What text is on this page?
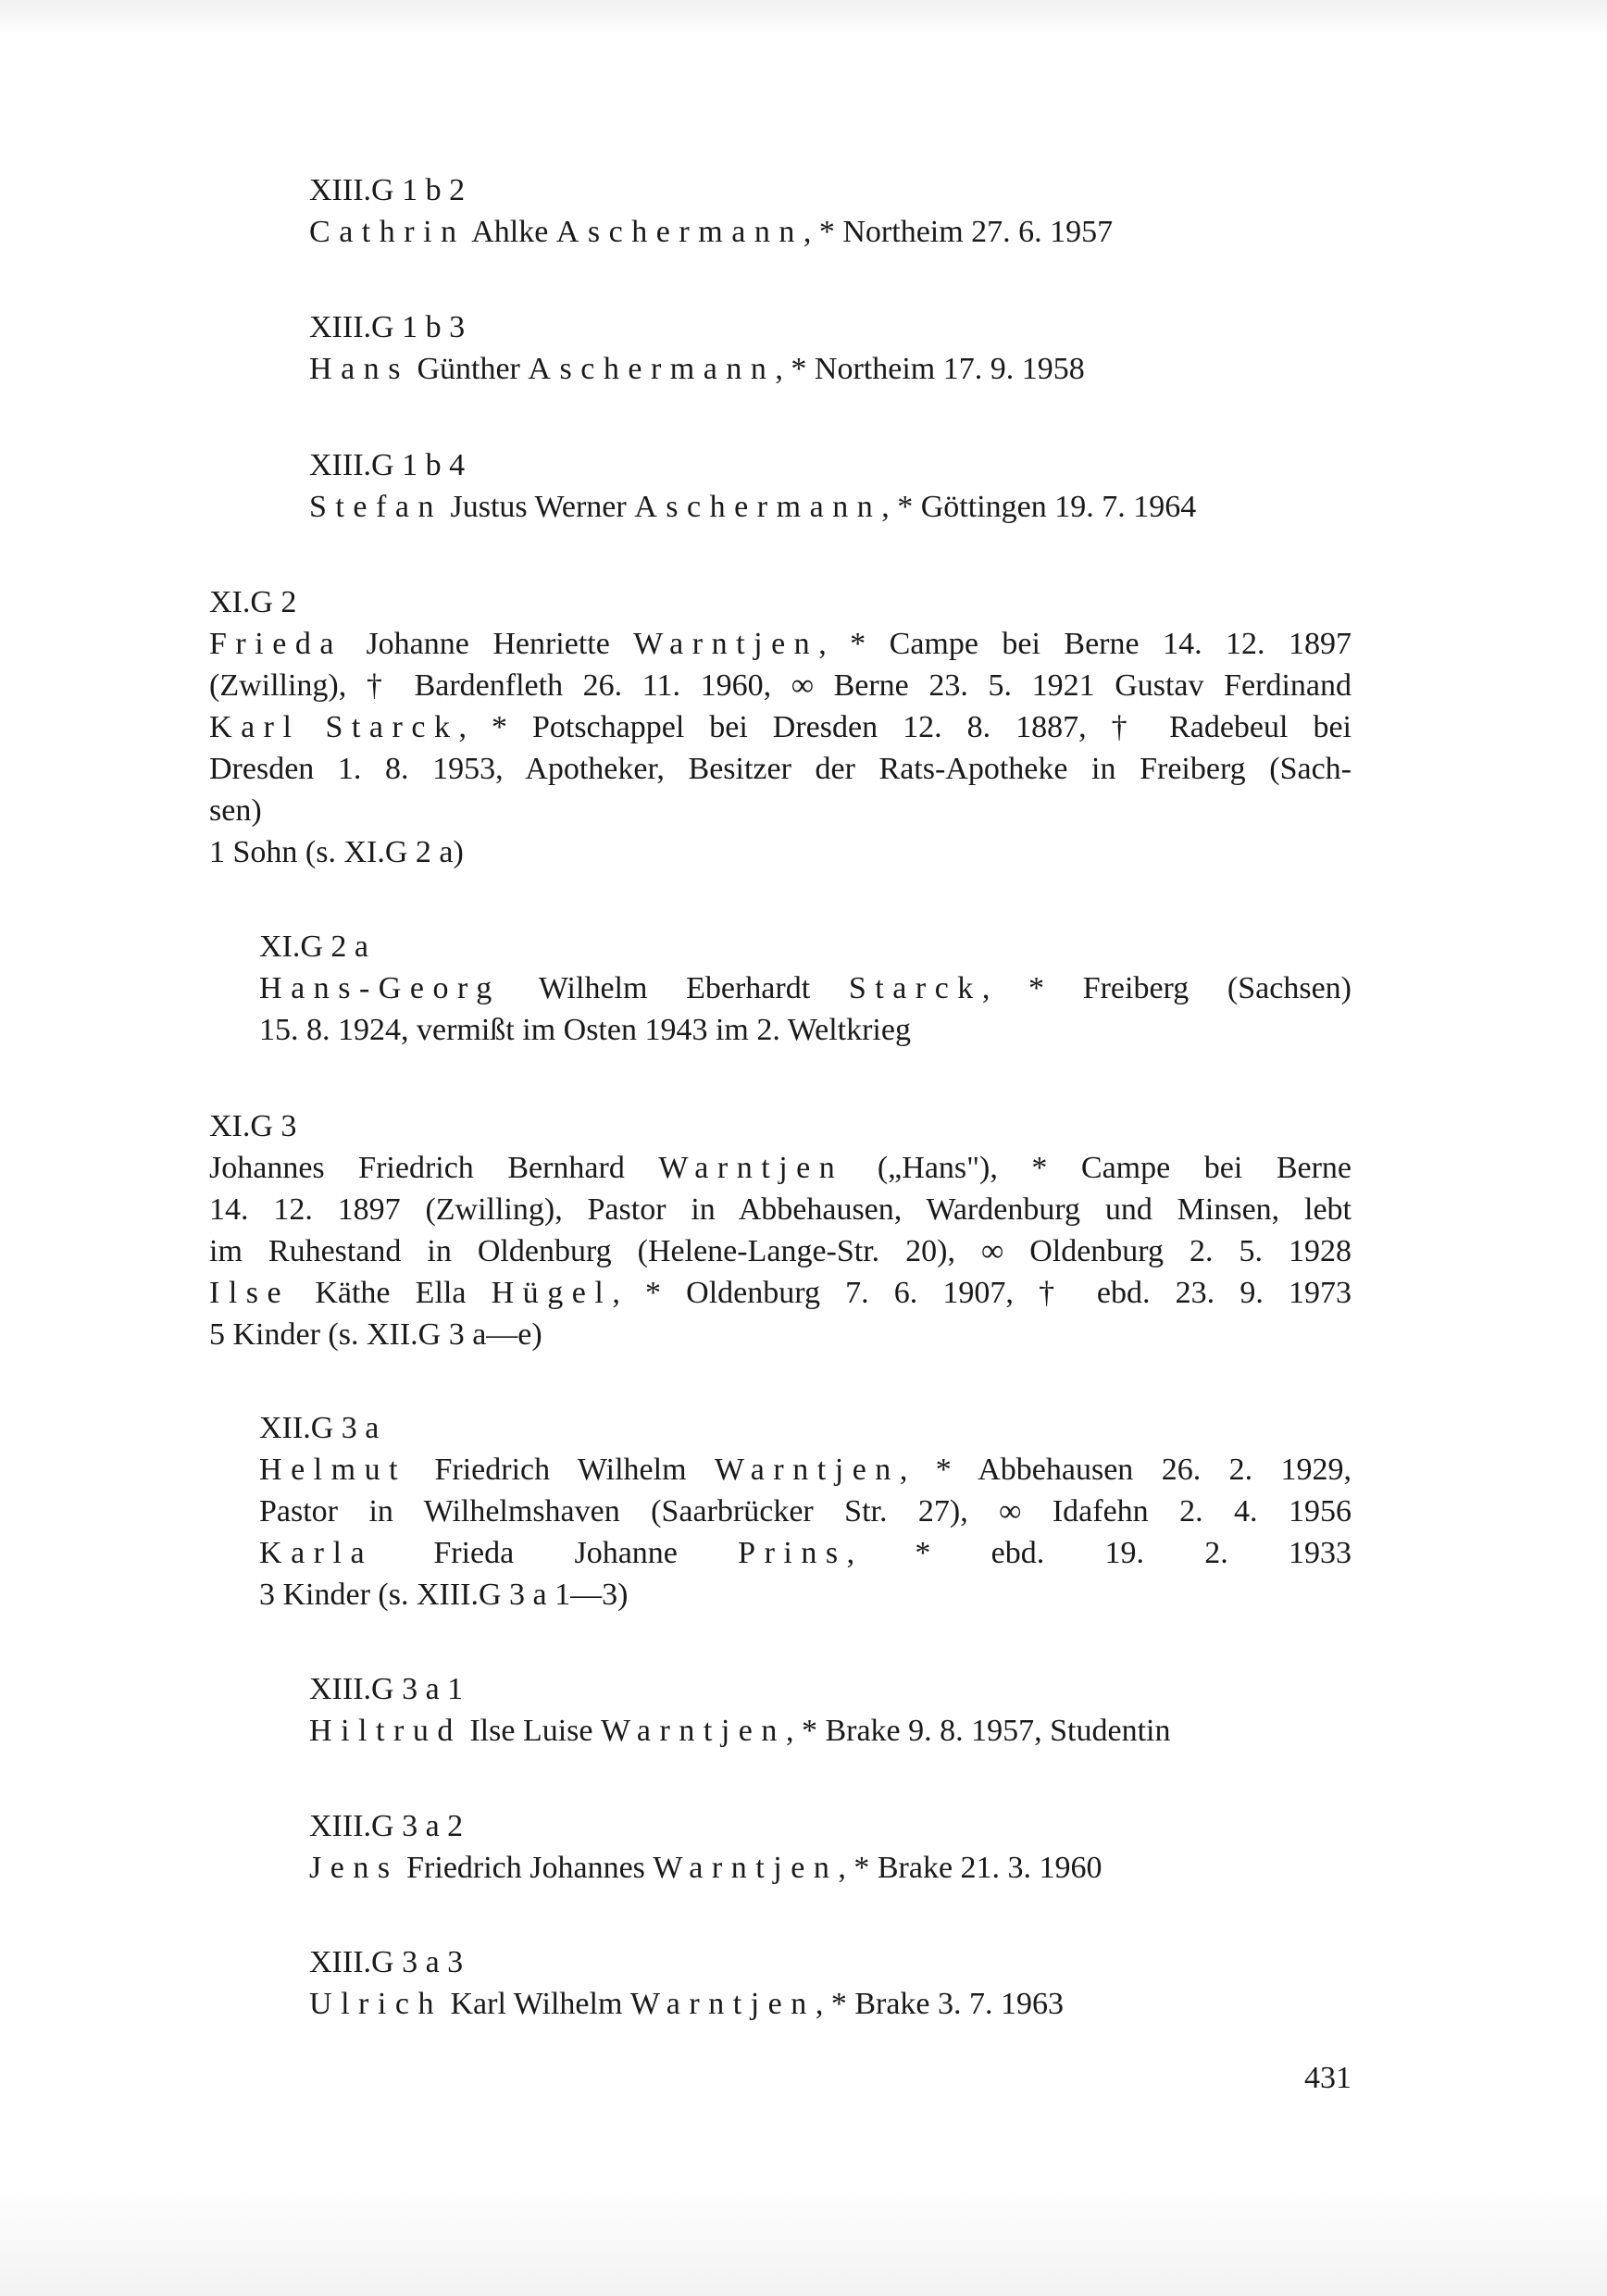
XIII.G 1 b 2
Cathrin Ahlke Aschermann, * Northeim 27. 6. 1957
XIII.G 1 b 3
Hans Günther Aschermann, * Northeim 17. 9. 1958
XIII.G 1 b 4
Stefan Justus Werner Aschermann, * Göttingen 19. 7. 1964
XI.G 2
Frieda Johanne Henriette Warntjen, * Campe bei Berne 14. 12. 1897
(Zwilling), † Bardenfleth 26. 11. 1960, ∞ Berne 23. 5. 1921 Gustav Ferdinand
Karl Starck, * Potschappel bei Dresden 12. 8. 1887, † Radebeul bei
Dresden 1. 8. 1953, Apotheker, Besitzer der Rats-Apotheke in Freiberg (Sach-
sen)
1 Sohn (s. XI.G 2 a)
XI.G 2 a
Hans-Georg Wilhelm Eberhardt Starck, * Freiberg (Sachsen)
15. 8. 1924, vermißt im Osten 1943 im 2. Weltkrieg
XI.G 3
Johannes Friedrich Bernhard Warntjen („Hans"), * Campe bei Berne
14. 12. 1897 (Zwilling), Pastor in Abbehausen, Wardenburg und Minsen, lebt
im Ruhestand in Oldenburg (Helene-Lange-Str. 20), ∞ Oldenburg 2. 5. 1928
Ilse Käthe Ella Hügel, * Oldenburg 7. 6. 1907, † ebd. 23. 9. 1973
5 Kinder (s. XII.G 3 a—e)
XII.G 3 a
Helmut Friedrich Wilhelm Warntjen, * Abbehausen 26. 2. 1929,
Pastor in Wilhelmshaven (Saarbrücker Str. 27), ∞ Idafehn 2. 4. 1956
Karla Frieda Johanne Prins, * ebd. 19. 2. 1933
3 Kinder (s. XIII.G 3 a 1—3)
XIII.G 3 a 1
Hiltrud Ilse Luise Warntjen, * Brake 9. 8. 1957, Studentin
XIII.G 3 a 2
Jens Friedrich Johannes Warntjen, * Brake 21. 3. 1960
XIII.G 3 a 3
Ulrich Karl Wilhelm Warntjen, * Brake 3. 7. 1963
431
